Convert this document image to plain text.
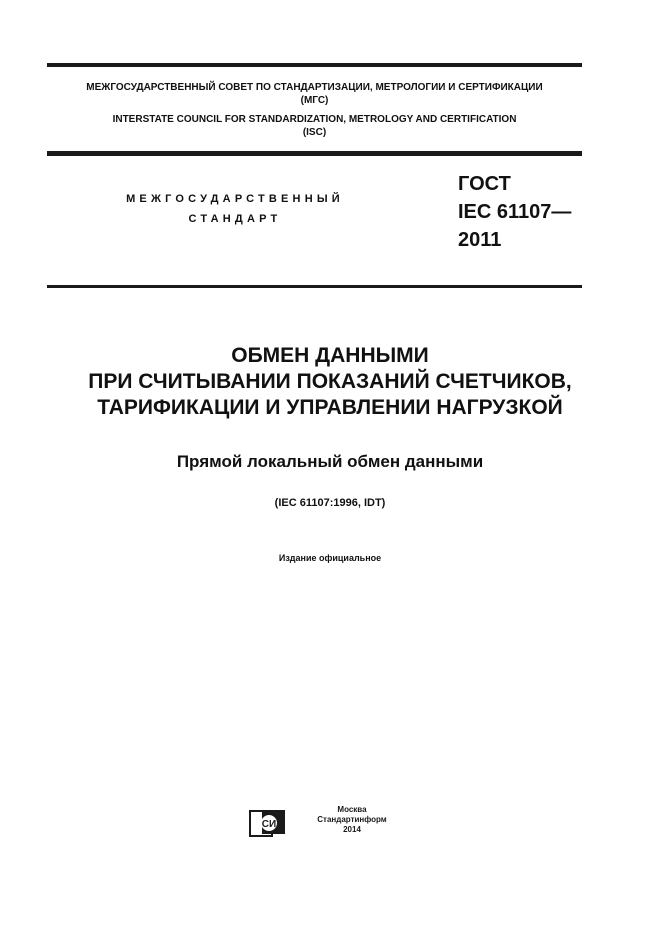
МЕЖГОСУДАРСТВЕННЫЙ СОВЕТ ПО СТАНДАРТИЗАЦИИ, МЕТРОЛОГИИ И СЕРТИФИКАЦИИ
(МГС)
INTERSTATE COUNCIL FOR STANDARDIZATION, METROLOGY AND CERTIFICATION
(ISC)
МЕЖГОСУДАРСТВЕННЫЙ
СТАНДАРТ
ГОСТ
IEC 61107—
2011
ОБМЕН ДАННЫМИ
ПРИ СЧИТЫВАНИИ ПОКАЗАНИЙ СЧЕТЧИКОВ,
ТАРИФИКАЦИИ И УПРАВЛЕНИИ НАГРУЗКОЙ
Прямой локальный обмен данными
(IEC 61107:1996, IDT)
Издание официальное
СИ
Москва
Стандартинформ
2014
